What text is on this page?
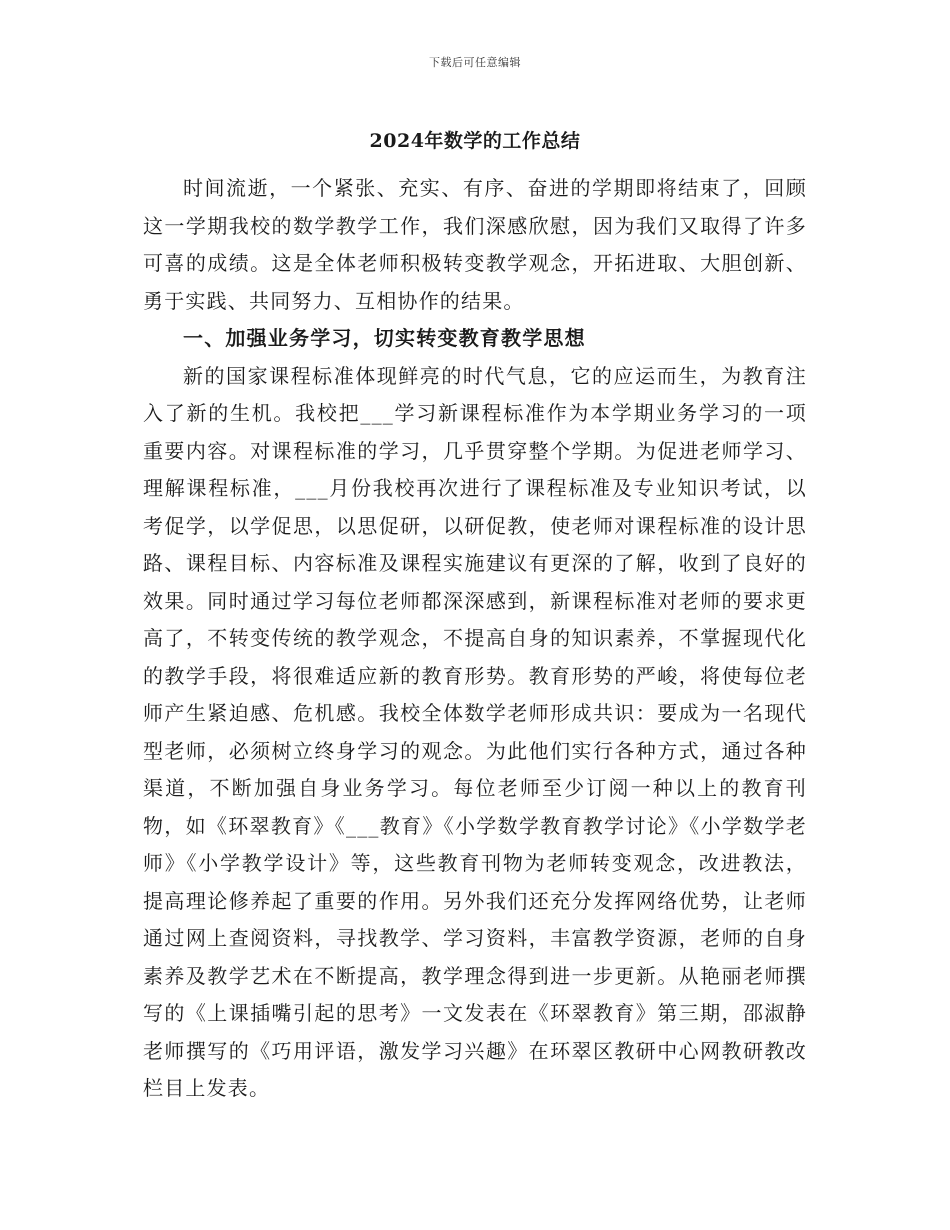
下载后可任意编辑
2024年数学的工作总结

时间流逝，一个紧张、充实、有序、奋进的学期即将结束了，回顾这一学期我校的数学教学工作，我们深感欣慰，因为我们又取得了许多可喜的成绩。这是全体老师积极转变教学观念，开拓进取、大胆创新、勇于实践、共同努力、互相协作的结果。

一、加强业务学习，切实转变教育教学思想

新的国家课程标准体现鲜亮的时代气息，它的应运而生，为教育注入了新的生机。我校把___学习新课程标准作为本学期业务学习的一项重要内容。对课程标准的学习，几乎贯穿整个学期。为促进老师学习、理解课程标准，___月份我校再次进行了课程标准及专业知识考试，以考促学，以学促思，以思促研，以研促教，使老师对课程标准的设计思路、课程目标、内容标准及课程实施建议有更深的了解，收到了良好的效果。同时通过学习每位老师都深深感到，新课程标准对老师的要求更高了，不转变传统的教学观念，不提高自身的知识素养，不掌握现代化的教学手段，将很难适应新的教育形势。教育形势的严峻，将使每位老师产生紧迫感、危机感。我校全体数学老师形成共识：要成为一名现代型老师，必须树立终身学习的观念。为此他们实行各种方式，通过各种渠道，不断加强自身业务学习。每位老师至少订阅一种以上的教育刊物，如《环翠教育》《___教育》《小学数学教育教学讨论》《小学数学老师》《小学教学设计》等，这些教育刊物为老师转变观念，改进教法，提高理论修养起了重要的作用。另外我们还充分发挥网络优势，让老师通过网上查阅资料，寻找教学、学习资料，丰富教学资源，老师的自身素养及教学艺术在不断提高，教学理念得到进一步更新。从艳丽老师撰写的《上课插嘴引起的思考》一文发表在《环翠教育》第三期，邵淑静老师撰写的《巧用评语，激发学习兴趣》在环翠区教研中心网教研教改栏目上发表。
